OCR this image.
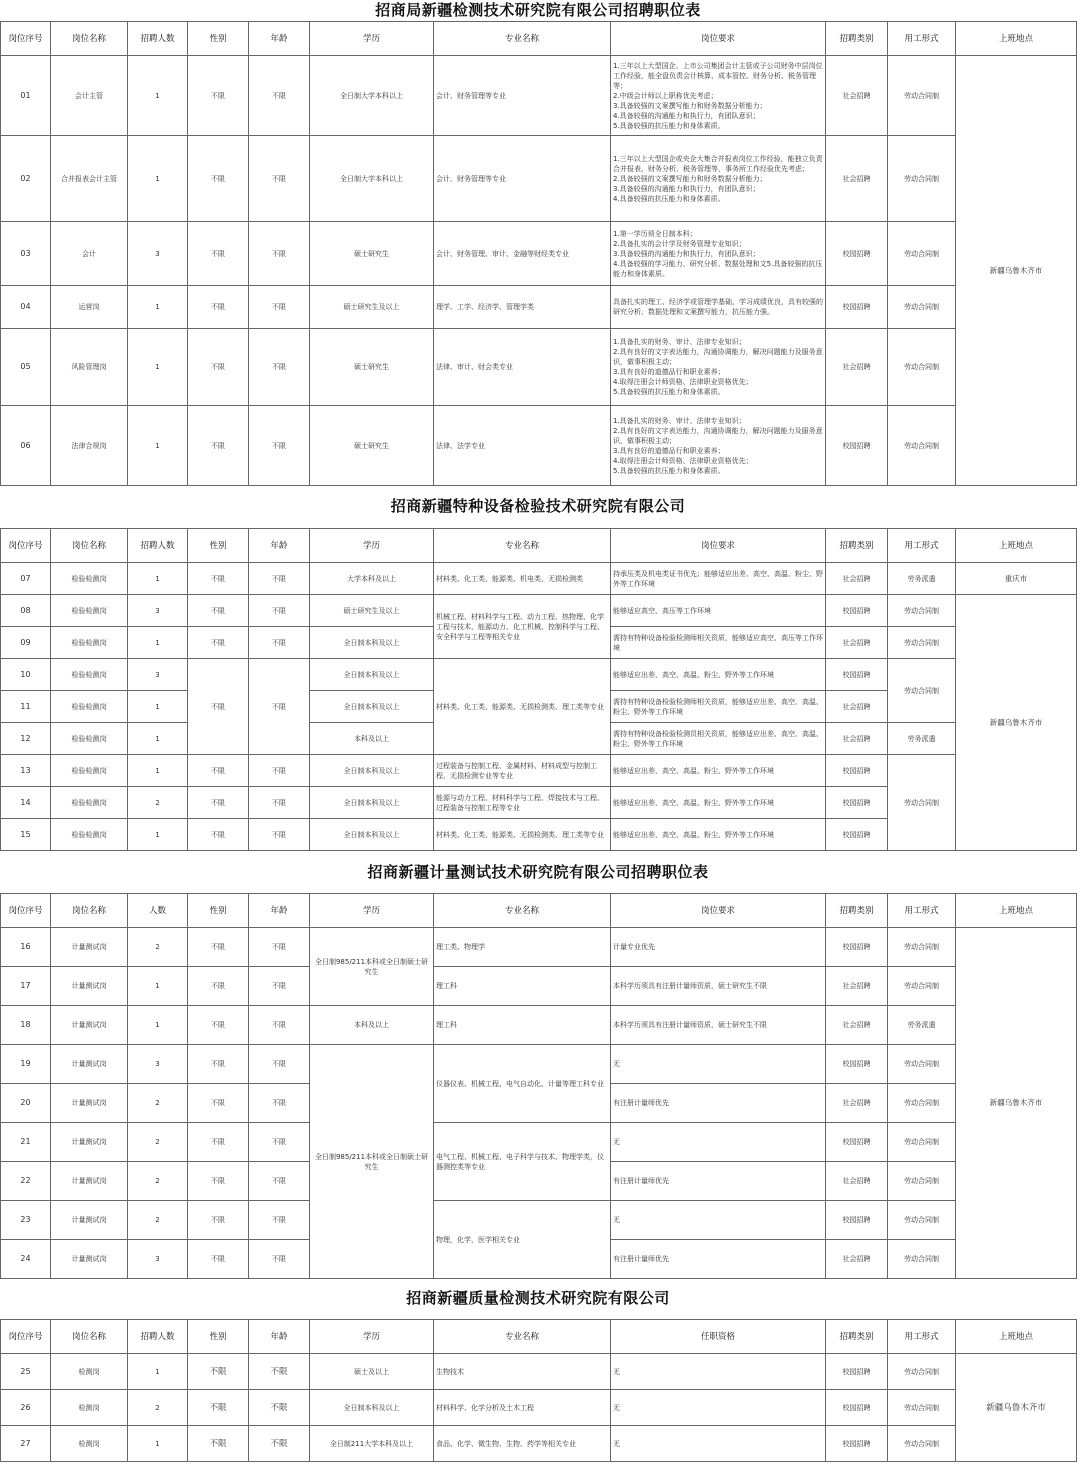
招商局新疆检测技术研究院有限公司招聘职位表
岗位序号	岗位名称	招聘人数	性别	年龄	学历	专业名称	岗位要求	招聘类别	用工形式	上班地点
01	会计主管	1	不限	不限	全日制大学本科以上	会计、财务管理等专业	1.三年以上大型国企、上市公司集团会计主管或子公司财务中层岗位工作经验，能全盘负责会计核算、成本管控、财务分析、税务管理等；
2.中级会计师以上职称优先考虑；
3.具备较强的文案撰写能力和财务数据分析能力；
4.具备较强的沟通能力和执行力，有团队意识；
5.具备较强的抗压能力和身体素质。	社会招聘	劳动合同制	新疆乌鲁木齐市
02	合并报表会计主管	1	不限	不限	全日制大学本科以上	会计、财务管理等专业	1.三年以上大型国企或央企大集合并报表岗位工作经验，能独立负责合并报表、财务分析、税务管理等，事务所工作经验优先考虑；
2.具备较强的文案撰写能力和财务数据分析能力；
3.具备较强的沟通能力和执行力，有团队意识；
4.具备较强的抗压能力和身体素质。	社会招聘	劳动合同制	
03	会计	3	不限	不限	硕士研究生	会计、财务管理、审计、金融等财经类专业	1.第一学历须全日制本科；
2.具备扎实的会计学及财务管理专业知识；
3.具备较强的沟通能力和执行力，有团队意识；
4.具备较强的学习能力、研究分析、数据处理和文5.具备较强的抗压能力和身体素质。	校园招聘	劳动合同制	
04	运营岗	1	不限	不限	硕士研究生及以上	理学、工学、经济学、管理学类	具备扎实的理工、经济学或管理学基础，学习成绩优良，具有较强的研究分析、数据处理和文案撰写能力，抗压能力强。	校园招聘	劳动合同制	
05	风险管理岗	1	不限	不限	硕士研究生	法律、审计、财会类专业	1.具备扎实的财务、审计、法律专业知识；
2.具有良好的文字表达能力，沟通协调能力，解决问题能力及服务意识，做事积极主动；
3.具有良好的道德品行和职业素养；
4.取得注册会计师资格、法律职业资格优先；
5.具备较强的抗压能力和身体素质。	社会招聘	劳动合同制	
06	法律合规岗	1	不限	不限	硕士研究生	法律、法学专业	1.具备扎实的财务、审计、法律专业知识；
2.具有良好的文字表达能力，沟通协调能力，解决问题能力及服务意识，做事积极主动；
3.具有良好的道德品行和职业素养；
4.取得注册会计师资格、法律职业资格优先；
5.具备较强的抗压能力和身体素质。	校园招聘	劳动合同制	
招商新疆特种设备检验技术研究院有限公司
岗位序号	岗位名称	招聘人数	性别	年龄	学历	专业名称	岗位要求	招聘类别	用工形式	上班地点
07	检验检测岗	1	不限	不限	大学本科及以上	材料类、化工类、能源类、机电类、无损检测类	持承压类及机电类证书优先；能够适应出差、高空、高温、粉尘、野外等工作环境	社会招聘	劳务派遣	重庆市
08	检验检测岗	3	不限	不限	硕士研究生及以上	机械工程、材料科学与工程、动力工程、热物理、化学工程与技术、能源动力、化工机械、控制科学与工程、安全科学与工程等相关专业	能够适应高空、高压等工作环境	校园招聘	劳动合同制	新疆乌鲁木齐市
09	检验检测岗	1	不限	不限	全日制本科及以上		需持有特种设备检验检测师相关资质，能够适应高空、高压等工作环境	社会招聘	劳动合同制	
10	检验检测岗	3	不限	不限	全日制本科及以上	材料类、化工类、能源类、无损检测类、理工类等专业	能够适应出差、高空、高温、粉尘、野外等工作环境	校园招聘	劳动合同制	
11	检验检测岗	1			全日制本科及以上		需持有特种设备检验检测师相关资质，能够适应出差、高空、高温、粉尘、野外等工作环境	社会招聘		
12	检验检测岗	1			本科及以上		需持有特种设备检验检测员相关资质，能够适应出差、高空、高温、粉尘、野外等工作环境	社会招聘	劳务派遣	
13	检验检测岗	1	不限	不限	全日制本科及以上	过程装备与控制工程、金属材料、材料成型与控制工程、无损检测专业等专业	能够适应出差、高空、高温、粉尘、野外等工作环境	校园招聘	劳动合同制	
14	检验检测岗	2	不限	不限	全日制本科及以上	能源与动力工程、材料科学与工程、焊接技术与工程、过程装备与控制工程等专业	能够适应出差、高空、高温、粉尘、野外等工作环境	校园招聘		
15	检验检测岗	1	不限	不限	全日制本科及以上	材料类、化工类、能源类、无损检测类、理工类等专业	能够适应出差、高空、高温、粉尘、野外等工作环境	校园招聘		
招商新疆计量测试技术研究院有限公司招聘职位表
岗位序号	岗位名称	人数	性别	年龄	学历	专业名称	岗位要求	招聘类别	用工形式	上班地点
16	计量测试岗	2	不限	不限	全日制985/211本科或全日制硕士研究生	理工类、物理学	计量专业优先	校园招聘	劳动合同制	新疆乌鲁木齐市
17	计量测试岗	1	不限	不限		理工科	本科学历须具有注册计量师资质，硕士研究生不限	社会招聘	劳动合同制	
18	计量测试岗	1	不限	不限	本科及以上	理工科	本科学历须具有注册计量师资质，硕士研究生不限	社会招聘	劳务派遣	
19	计量测试岗	3	不限	不限	全日制985/211本科或全日制硕士研究生	仪器仪表、机械工程、电气自动化、计量等理工科专业	无	校园招聘	劳动合同制	
20	计量测试岗	2	不限	不限			有注册计量师优先	社会招聘	劳动合同制	
21	计量测试岗	2	不限	不限		电气工程、机械工程、电子科学与技术、物理学类，仪器测控类等专业	无	校园招聘	劳动合同制	
22	计量测试岗	2	不限	不限			有注册计量师优先	社会招聘	劳动合同制	
23	计量测试岗	2	不限	不限		物理，化学，医学相关专业	无	校园招聘	劳动合同制	
24	计量测试岗	3	不限	不限			有注册计量师优先	社会招聘	劳动合同制	
招商新疆质量检测技术研究院有限公司
岗位序号	岗位名称	招聘人数	性别	年龄	学历	专业名称	任职资格	招聘类别	用工形式	上班地点
25	检测岗	1	不限	不限	硕士及以上	生物技术	无	校园招聘	劳动合同制	新疆乌鲁木齐市
26	检测岗	2	不限	不限	全日制本科及以上	材料科学、化学分析及土木工程	无	校园招聘	劳动合同制	
27	检测岗	1	不限	不限	全日制211大学本科及以上	食品、化学、微生物、生物、药学等相关专业	无	校园招聘	劳动合同制	
